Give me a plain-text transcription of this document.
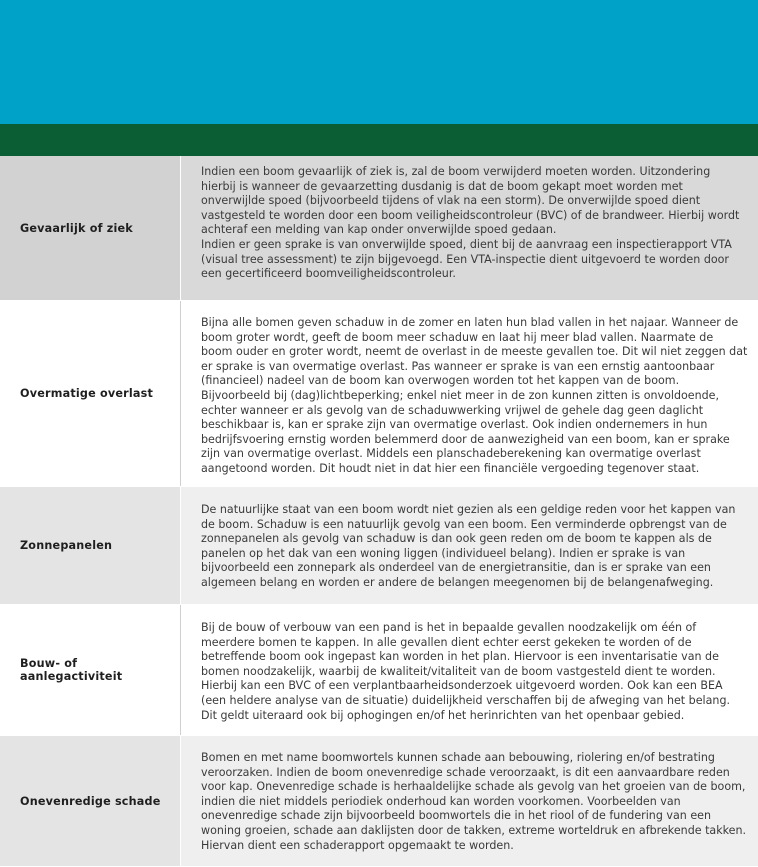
Gevaarlijk of ziek

Indien een boom gevaarlijk of ziek is, zal de boom verwijderd moeten worden. Uitzondering hierbij is wanneer de gevaarzetting dusdanig is dat de boom gekapt moet worden met onverwijlde spoed (bijvoorbeeld tijdens of vlak na een storm). De onverwijlde spoed dient vastgesteld te worden door een boom veiligheidscontroleur (BVC) of de brandweer. Hierbij wordt achteraf een melding van kap onder onverwijlde spoed gedaan.

Indien er geen sprake is van onverwijlde spoed, dient bij de aanvraag een inspectierapport VTA (visual tree assessment) te zijn bijgevoegd. Een VTA-inspectie dient uitgevoerd te worden door een gecertificeerd boomveiligheidscontroleur.

Overmatige overlast

Bijna alle bomen geven schaduw in de zomer en laten hun blad vallen in het najaar. Wanneer de boom groter wordt, geeft de boom meer schaduw en laat hij meer blad vallen. Naarmate de boom ouder en groter wordt, neemt de overlast in de meeste gevallen toe. Dit wil niet zeggen dat er sprake is van overmatige overlast. Pas wanneer er sprake is van een ernstig aantoonbaar (financieel) nadeel van de boom kan overwogen worden tot het kappen van de boom. Bijvoorbeeld bij (dag)lichtbeperking; enkel niet meer in de zon kunnen zitten is onvoldoende, echter wanneer er als gevolg van de schaduwwerking vrijwel de gehele dag geen daglicht beschikbaar is, kan er sprake zijn van overmatige overlast. Ook indien ondernemers in hun bedrijfsvoering ernstig worden belemmerd door de aanwezigheid van een boom, kan er sprake zijn van overmatige overlast. Middels een planschadeberekening kan overmatige overlast aangetoond worden. Dit houdt niet in dat hier een financiële vergoeding tegenover staat.

Zonnepanelen

De natuurlijke staat van een boom wordt niet gezien als een geldige reden voor het kappen van de boom. Schaduw is een natuurlijk gevolg van een boom. Een verminderde opbrengst van de zonnepanelen als gevolg van schaduw is dan ook geen reden om de boom te kappen als de panelen op het dak van een woning liggen (individueel belang). Indien er sprake is van bijvoorbeeld een zonnepark als onderdeel van de energietransitie, dan is er sprake van een algemeen belang en worden er andere de belangen meegenomen bij de belangenafweging.

Bouw- of aanlegactiviteit

Bij de bouw of verbouw van een pand is het in bepaalde gevallen noodzakelijk om één of meerdere bomen te kappen. In alle gevallen dient echter eerst gekeken te worden of de betreffende boom ook ingepast kan worden in het plan. Hiervoor is een inventarisatie van de bomen noodzakelijk, waarbij de kwaliteit/vitaliteit van de boom vastgesteld dient te worden. Hierbij kan een BVC of een verplantbaarheidsonderzoek uitgevoerd worden. Ook kan een BEA (een heldere analyse van de situatie) duidelijkheid verschaffen bij de afweging van het belang. Dit geldt uiteraard ook bij ophogingen en/of het herinrichten van het openbaar gebied.

Onevenredige schade

Bomen en met name boomwortels kunnen schade aan bebouwing, riolering en/of bestrating veroorzaken. Indien de boom onevenredige schade veroorzaakt, is dit een aanvaardbare reden voor kap. Onevenredige schade is herhaaldelijke schade als gevolg van het groeien van de boom, indien die niet middels periodiek onderhoud kan worden voorkomen. Voorbeelden van onevenredige schade zijn bijvoorbeeld boomwortels die in het riool of de fundering van een woning groeien, schade aan daklijsten door de takken, extreme worteldruk en afbrekende takken. Hiervan dient een schaderapport opgemaakt te worden.
